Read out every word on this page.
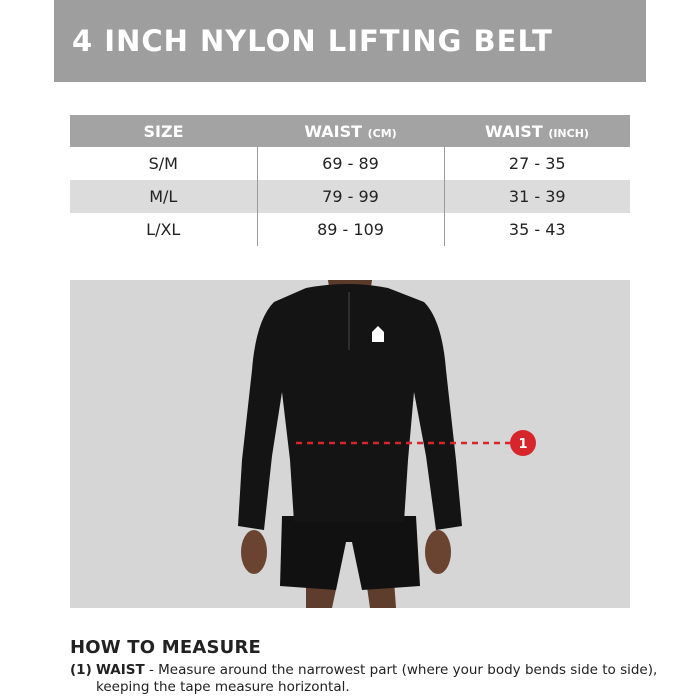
4 INCH NYLON LIFTING BELT
SIZE	WAIST (CM)	WAIST (INCH)
S/M	69 - 89	27 - 35
M/L	79 - 99	31 - 39
L/XL	89 - 109	35 - 43
1
HOW TO MEASURE
(1) WAIST - Measure around the narrowest part (where your body bends side to side), keeping the tape measure horizontal.
